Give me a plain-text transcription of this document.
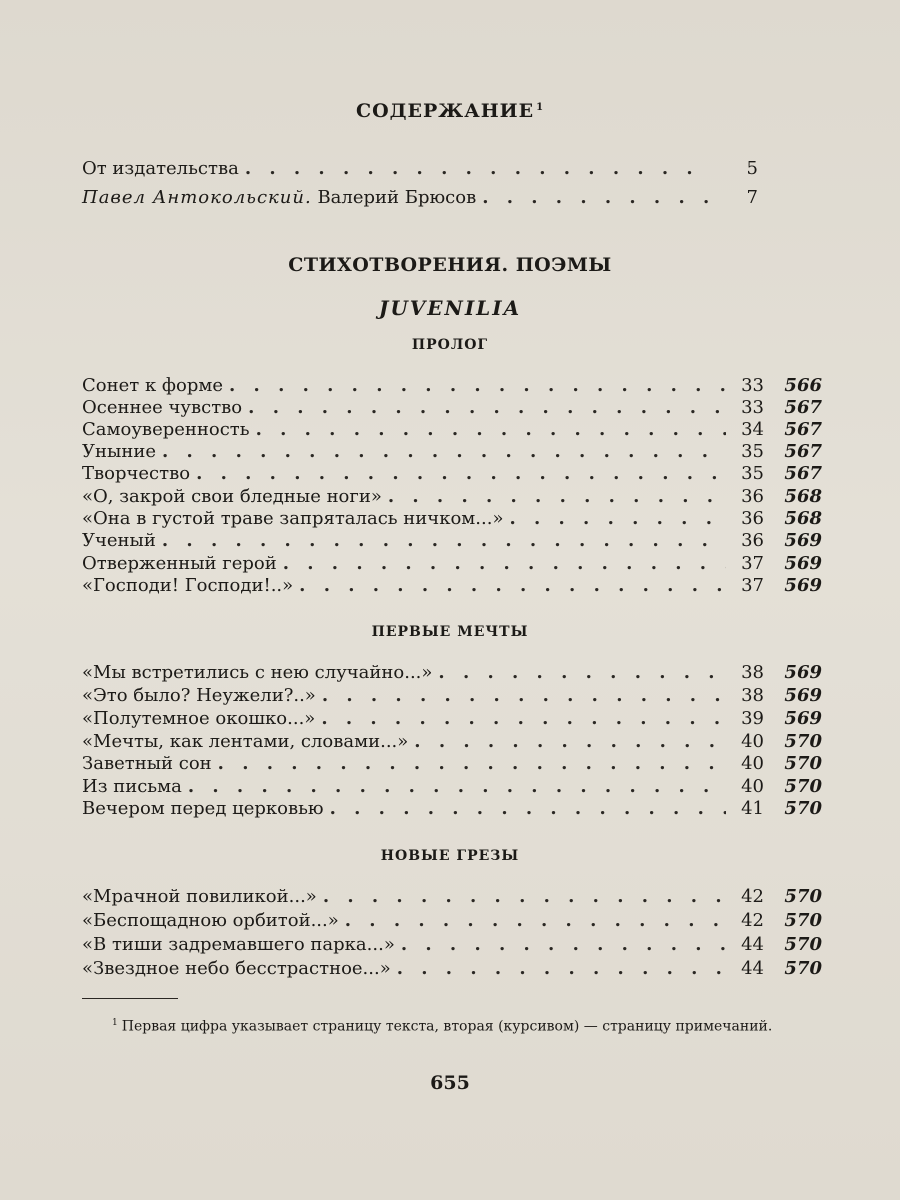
СОДЕРЖАНИЕ $^1$
От издательства . . .	5
Павел Антокольский. Валерий Брюсов . . .	7
СТИХОТВОРЕНИЯ. ПОЭМЫ
JUVENILIA
ПРОЛОГ
Сонет к форме . . .	33	566
Осеннее чувство . . .	33	567
Самоуверенность . . .	34	567
Уныние . . .	35	567
Творчество . . .	35	567
«О, закрой свои бледные ноги» . . .	36	568
«Она в густой траве запряталась ничком...» . . .	36	568
Ученый . . .	36	569
Отверженный герой . . .	37	569
«Господи! Господи!..» . . .	37	569
ПЕРВЫЕ МЕЧТЫ
«Мы встретились с нею случайно...» . . .	38	569
«Это было? Неужели?..» . . .	38	569
«Полутемное окошко...» . . .	39	569
«Мечты, как лентами, словами...» . . .	40	570
Заветный сон . . .	40	570
Из письма . . .	40	570
Вечером перед церковью . . .	41	570
НОВЫЕ ГРЕЗЫ
«Мрачной повиликой...» . . .	42	570
«Беспощадною орбитой...» . . .	42	570
«В тиши задремавшего парка...» . . .	44	570
«Звездное небо бесстрастное...» . . .	44	570
$^1$ Первая цифра указывает страницу текста, вторая (курсивом) — страницу примечаний.
655
